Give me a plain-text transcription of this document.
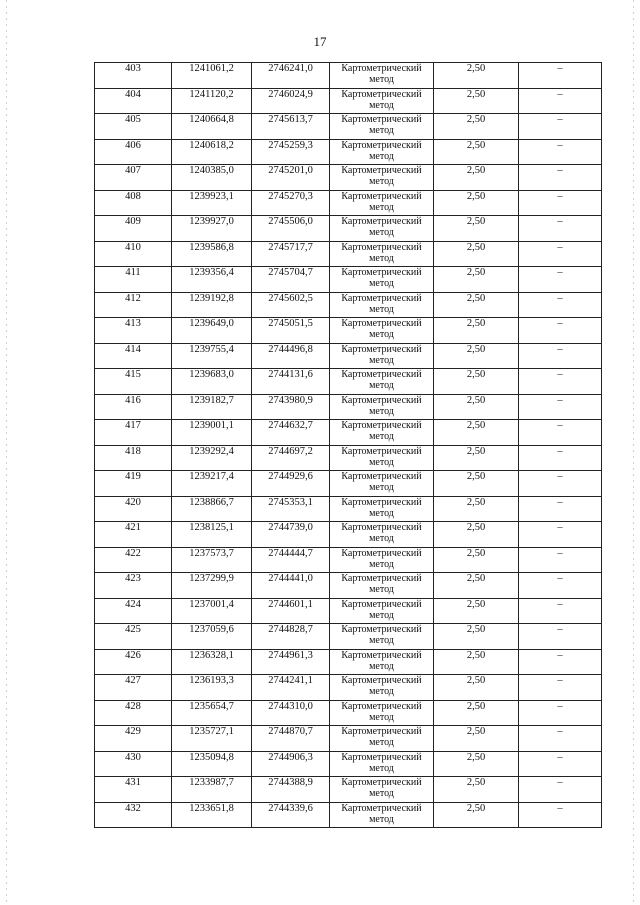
17
403	1241061,2	2746241,0	Картометрический метод	2,50	–
404	1241120,2	2746024,9	Картометрический метод	2,50	–
405	1240664,8	2745613,7	Картометрический метод	2,50	–
406	1240618,2	2745259,3	Картометрический метод	2,50	–
407	1240385,0	2745201,0	Картометрический метод	2,50	–
408	1239923,1	2745270,3	Картометрический метод	2,50	–
409	1239927,0	2745506,0	Картометрический метод	2,50	–
410	1239586,8	2745717,7	Картометрический метод	2,50	–
411	1239356,4	2745704,7	Картометрический метод	2,50	–
412	1239192,8	2745602,5	Картометрический метод	2,50	–
413	1239649,0	2745051,5	Картометрический метод	2,50	–
414	1239755,4	2744496,8	Картометрический метод	2,50	–
415	1239683,0	2744131,6	Картометрический метод	2,50	–
416	1239182,7	2743980,9	Картометрический метод	2,50	–
417	1239001,1	2744632,7	Картометрический метод	2,50	–
418	1239292,4	2744697,2	Картометрический метод	2,50	–
419	1239217,4	2744929,6	Картометрический метод	2,50	–
420	1238866,7	2745353,1	Картометрический метод	2,50	–
421	1238125,1	2744739,0	Картометрический метод	2,50	–
422	1237573,7	2744444,7	Картометрический метод	2,50	–
423	1237299,9	2744441,0	Картометрический метод	2,50	–
424	1237001,4	2744601,1	Картометрический метод	2,50	–
425	1237059,6	2744828,7	Картометрический метод	2,50	–
426	1236328,1	2744961,3	Картометрический метод	2,50	–
427	1236193,3	2744241,1	Картометрический метод	2,50	–
428	1235654,7	2744310,0	Картометрический метод	2,50	–
429	1235727,1	2744870,7	Картометрический метод	2,50	–
430	1235094,8	2744906,3	Картометрический метод	2,50	–
431	1233987,7	2744388,9	Картометрический метод	2,50	–
432	1233651,8	2744339,6	Картометрический метод	2,50	–
